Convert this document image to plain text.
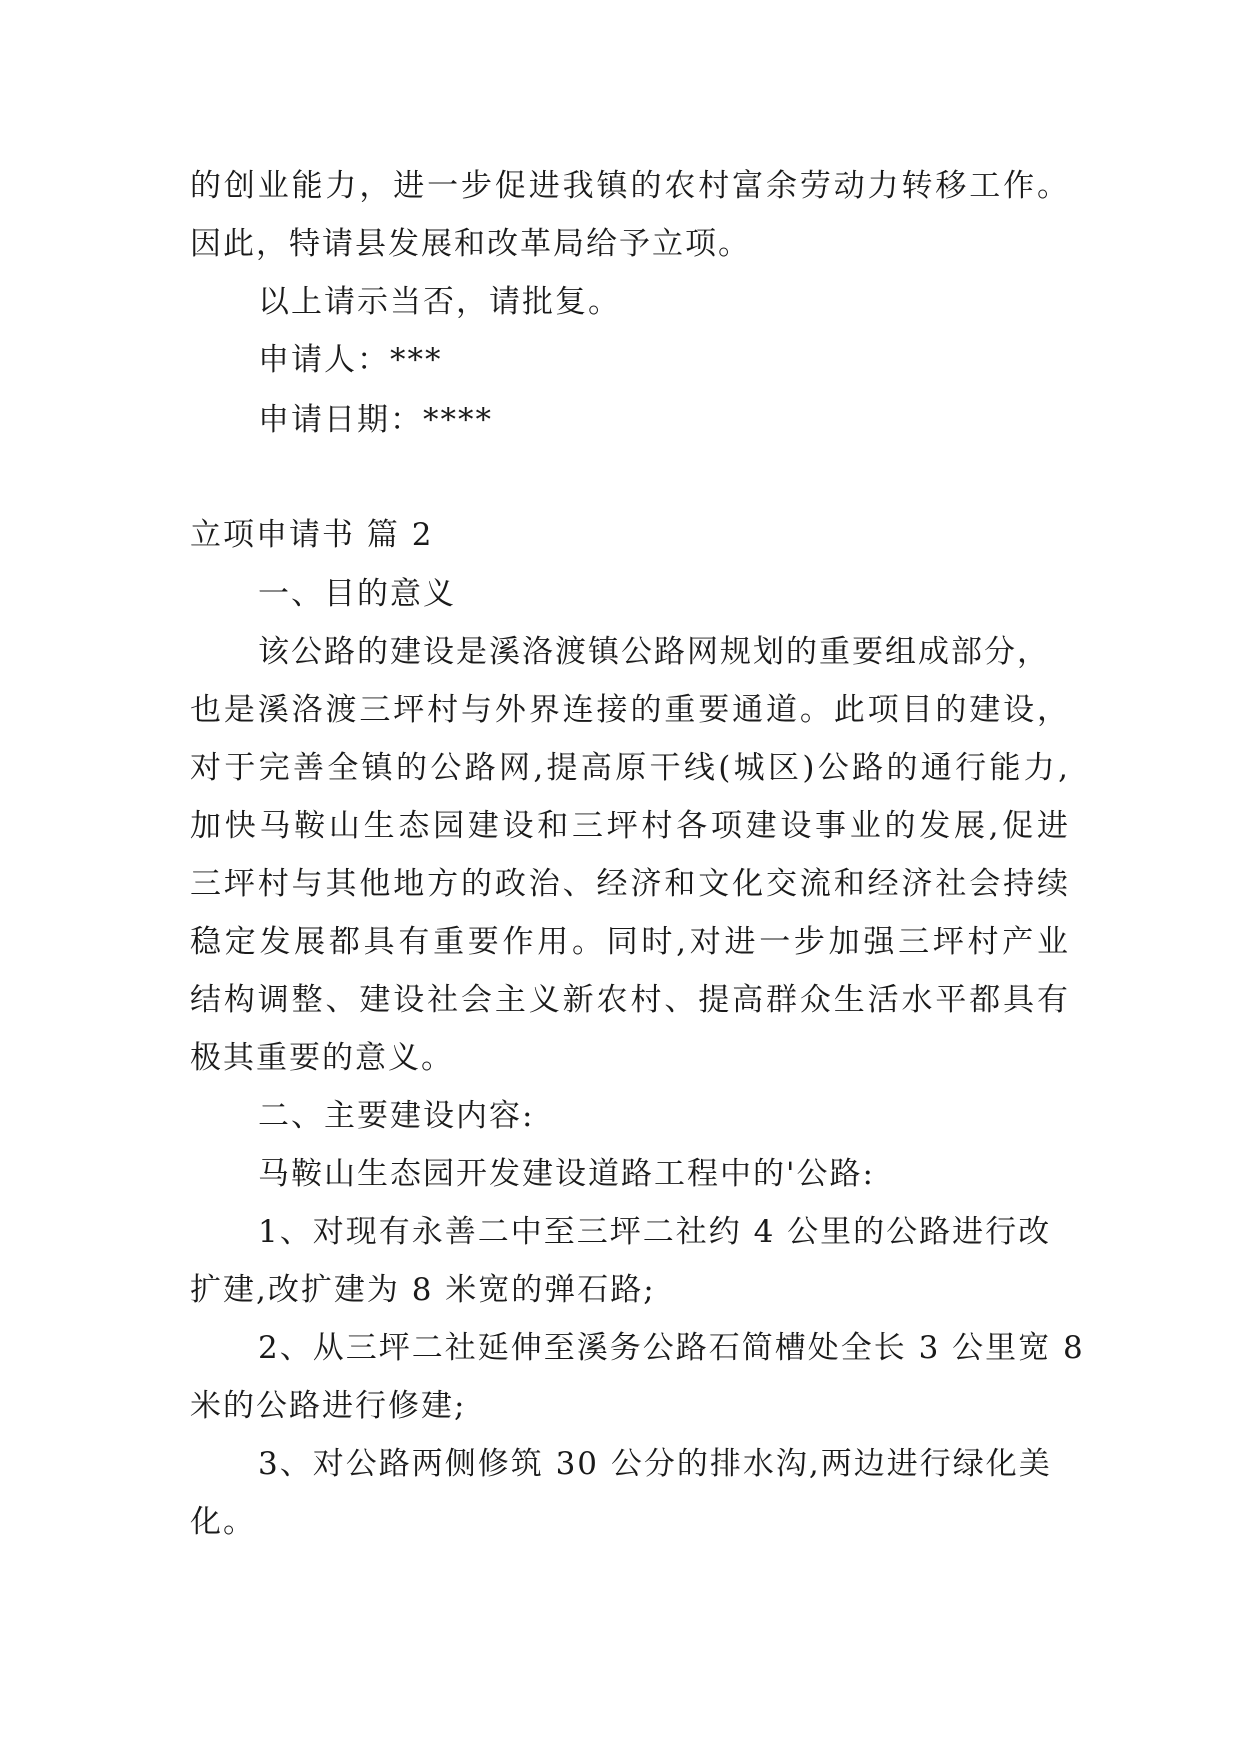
的创业能力，进一步促进我镇的农村富余劳动力转移工作。
因此，特请县发展和改革局给予立项。
以上请示当否，请批复。
申请人：***
申请日期：****
立项申请书 篇 2
一、目的意义
该公路的建设是溪洛渡镇公路网规划的重要组成部分，
也是溪洛渡三坪村与外界连接的重要通道。此项目的建设，
对于完善全镇的公路网,提高原干线(城区)公路的通行能力,
加快马鞍山生态园建设和三坪村各项建设事业的发展,促进
三坪村与其他地方的政治、经济和文化交流和经济社会持续
稳定发展都具有重要作用。同时,对进一步加强三坪村产业
结构调整、建设社会主义新农村、提高群众生活水平都具有
极其重要的意义。
二、主要建设内容:
马鞍山生态园开发建设道路工程中的'公路:
1、对现有永善二中至三坪二社约 4 公里的公路进行改
扩建,改扩建为 8 米宽的弹石路;
2、从三坪二社延伸至溪务公路石简槽处全长 3 公里宽 8
米的公路进行修建;
3、对公路两侧修筑 30 公分的排水沟,两边进行绿化美
化。
